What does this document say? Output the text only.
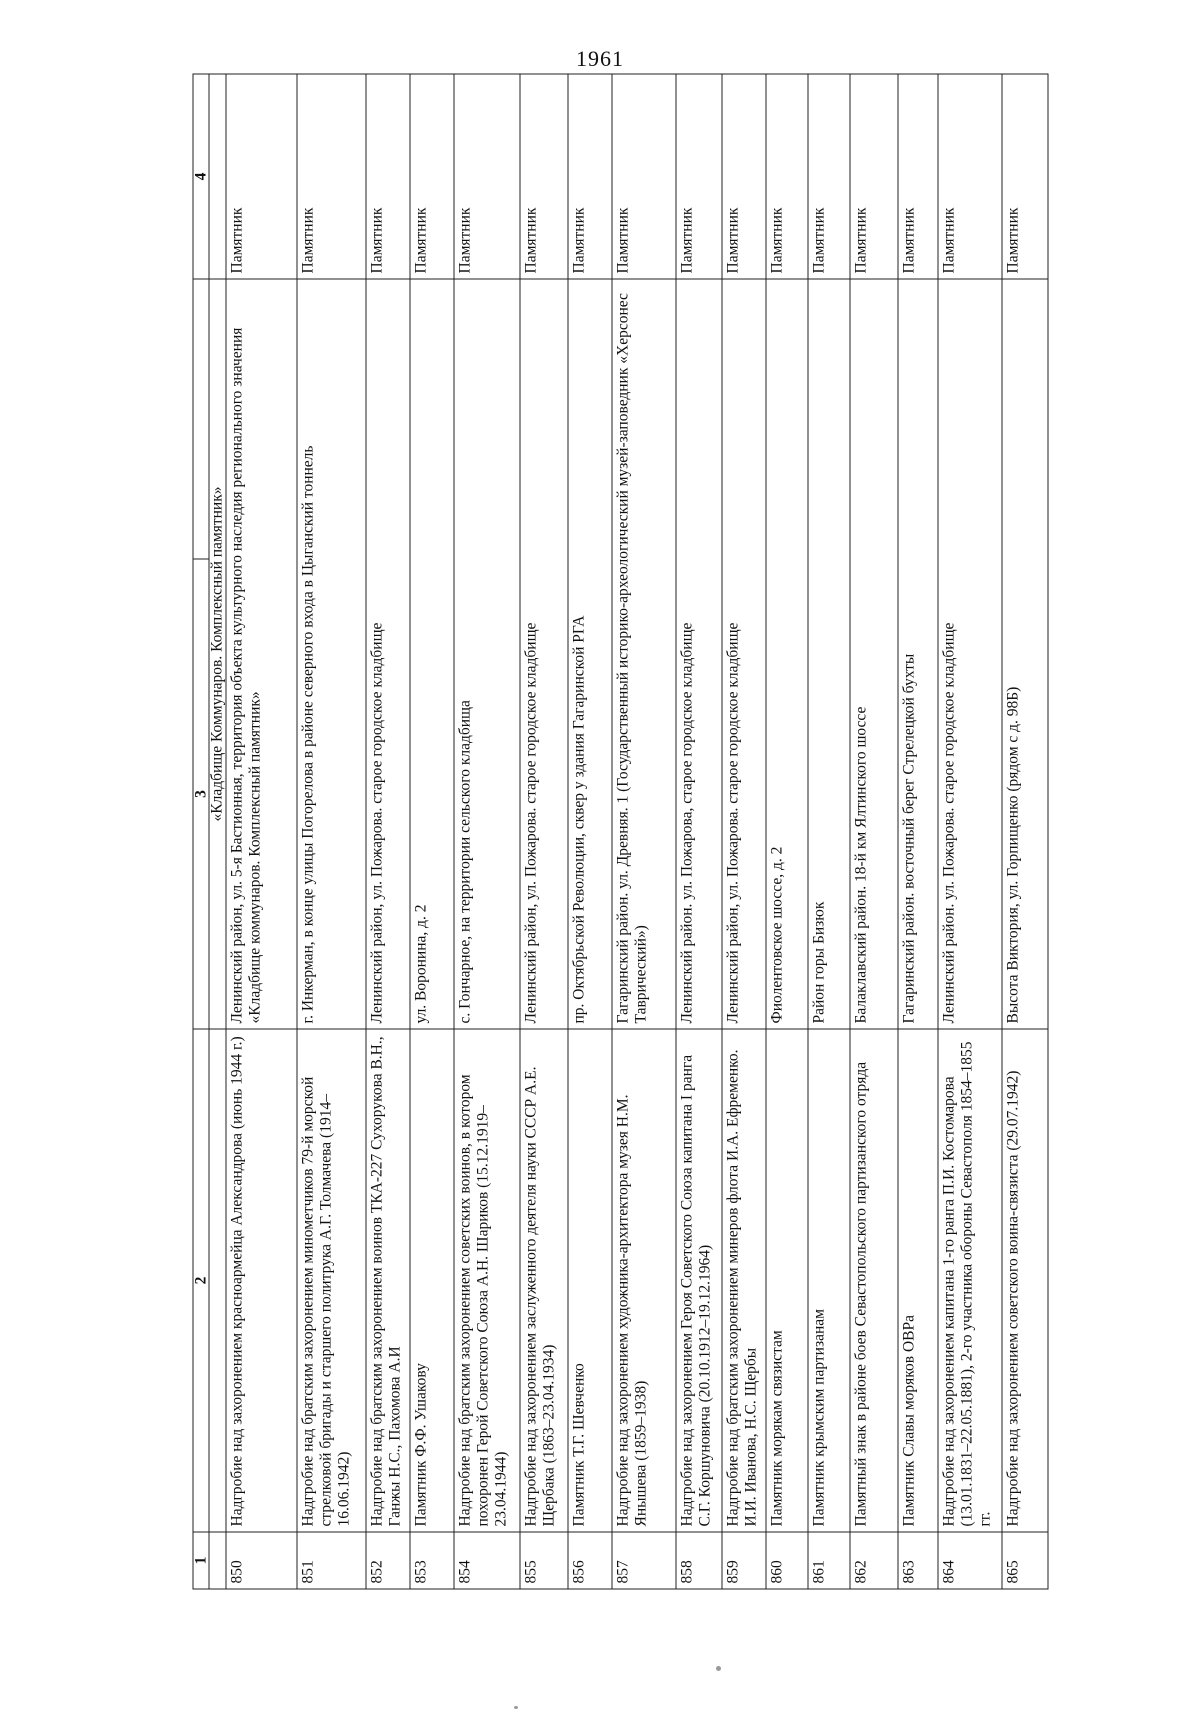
1961
1	2	3		4
		«Кладбище Коммунаров. Комплексный памятник»		
850	Надгробие над захоронением красноармейца Александрова (июнь 1944 г.)	Ленинский район, ул. 5-я Бастионная, территория объекта культурного наследия регионального значения «Кладбище коммунаров. Комплексный памятник»		Памятник
851	Надгробие над братским захоронением минометчиков 79-й морской стрелковой бригады и старшего политрука А.Г. Толмачева (1914–16.06.1942)	г. Инкерман, в конце улицы Погорелова в районе северного входа в Цыганский тоннель		Памятник
852	Надгробие над братским захоронением воинов ТКА-227 Сухорукова В.Н., Ганжы Н.С., Пахомова А.И	Ленинский район, ул. Пожарова. старое городское кладбище		Памятник
853	Памятник Ф.Ф. Ушакову	ул. Воронина, д. 2		Памятник
854	Надгробие над братским захоронением советских воинов, в котором похоронен Герой Советского Союза А.Н. Шариков (15.12.1919–23.04.1944)	с. Гончарное, на территории сельского кладбища		Памятник
855	Надгробие над захоронением заслуженного деятеля науки СССР А.Е. Щербака (1863–23.04.1934)	Ленинский район, ул. Пожарова. старое городское кладбище		Памятник
856	Памятник Т.Г. Шевченко	пр. Октябрьской Революции, сквер у здания Гагаринской РГА		Памятник
857	Надгробие над захоронением художника-архитектора музея Н.М. Янышева (1859–1938)	Гагаринский район. ул. Древняя. 1 (Государственный историко-археологический музей-заповедник «Херсонес Таврический»)		Памятник
858	Надгробие над захоронением Героя Советского Союза капитана I ранга С.Г. Коршуновича (20.10.1912–19.12.1964)	Ленинский район. ул. Пожарова, старое городское кладбище		Памятник
859	Надгробие над братским захоронением минеров флота И.А. Ефременко. И.И. Иванова, Н.С. Щербы	Ленинский район, ул. Пожарова. старое городское кладбище		Памятник
860	Памятник морякам связистам	Фиолентовское шоссе, д. 2		Памятник
861	Памятник крымским партизанам	Район горы Бизюк		Памятник
862	Памятный знак в районе боев Севастопольского партизанского отряда	Балаклавский район. 18-й км Ялтинского шоссе		Памятник
863	Памятник Славы моряков ОВРа	Гагаринский район. восточный берег Стрелецкой бухты		Памятник
864	Надгробие над захоронением капитана 1-го ранга П.И. Костомарова (13.01.1831–22.05.1881), 2-го участника обороны Севастополя 1854–1855 гг.	Ленинский район. ул. Пожарова. старое городское кладбище		Памятник
865	Надгробие над захоронением советского воина-связиста (29.07.1942)	Высота Виктория, ул. Горпищенко (рядом с д. 98Б)		Памятник
